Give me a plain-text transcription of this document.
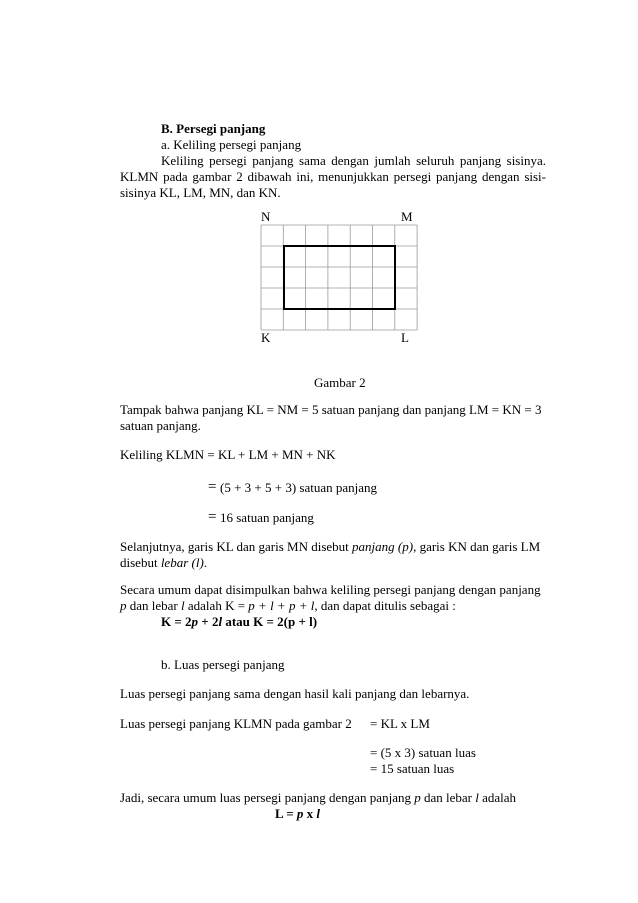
B. Persegi panjang
a. Keliling persegi panjang
Keliling persegi panjang sama dengan jumlah seluruh panjang sisinya.
KLMN pada gambar 2 dibawah ini, menunjukkan persegi panjang dengan sisi-
sisinya KL, LM, MN, dan KN.
N	M
K	L
Gambar 2
Tampak bahwa panjang KL = NM = 5 satuan panjang dan panjang LM = KN = 3
satuan panjang.
Keliling KLMN = KL + LM + MN + NK
= (5 + 3 + 5 + 3) satuan panjang
= 16 satuan panjang
Selanjutnya, garis KL dan garis MN disebut panjang (p), garis KN dan garis LM
disebut lebar (l).
Secara umum dapat disimpulkan bahwa keliling persegi panjang dengan panjang
p dan lebar l adalah K = p + l + p + l, dan dapat ditulis sebagai :
K = 2p + 2l atau K = 2(p + l)
b. Luas persegi panjang
Luas persegi panjang sama dengan hasil kali panjang dan lebarnya.
Luas persegi panjang KLMN pada gambar 2 = KL x LM
= (5 x 3) satuan luas
= 15 satuan luas
Jadi, secara umum luas persegi panjang dengan panjang p dan lebar l adalah
L = p x l
